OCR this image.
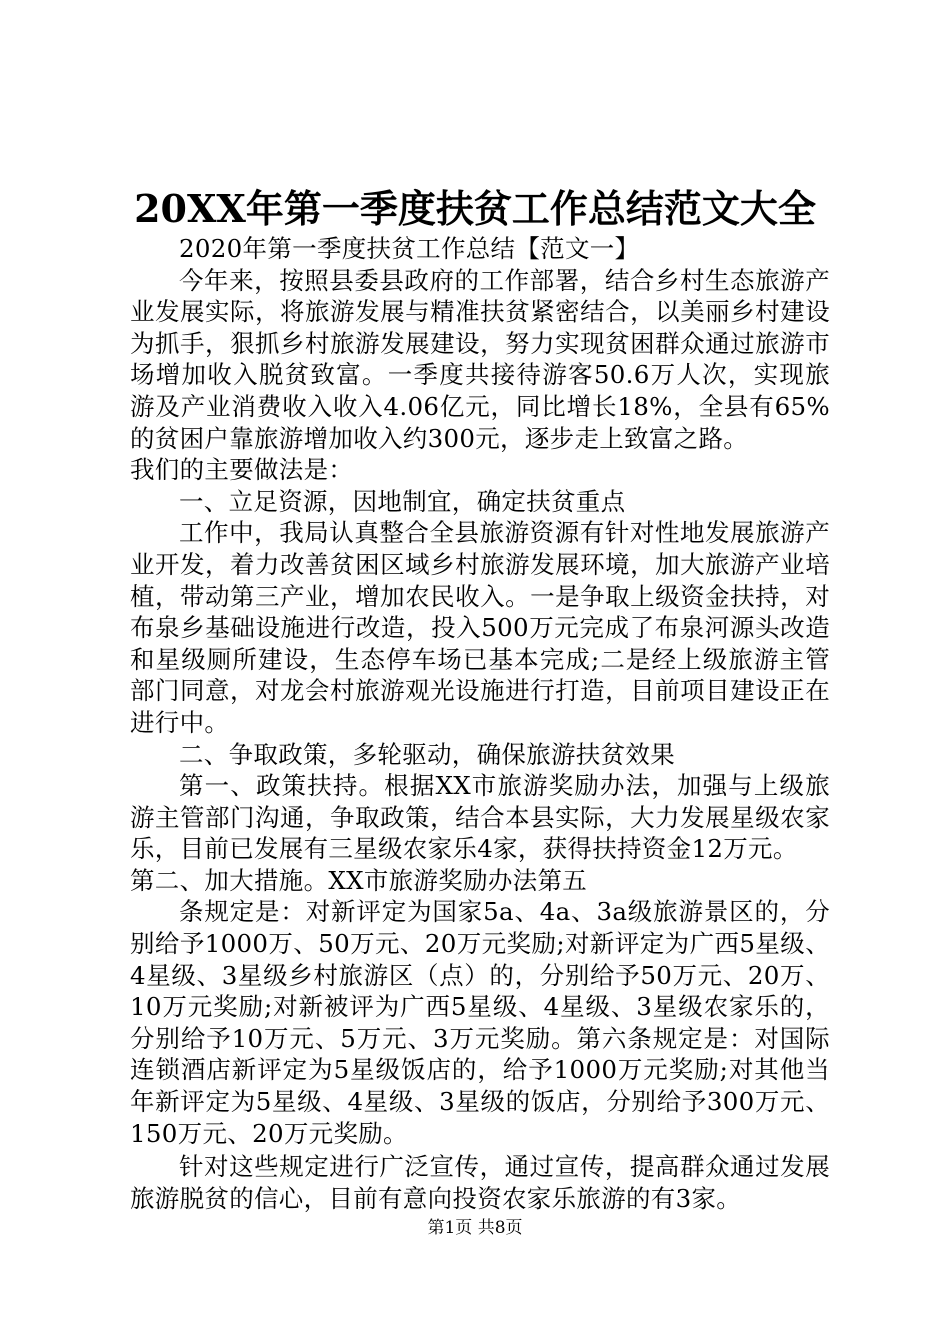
20XX年第一季度扶贫工作总结范文大全

2020年第一季度扶贫工作总结【范文一】

今年来，按照县委县政府的工作部署，结合乡村生态旅游产业发展实际，将旅游发展与精准扶贫紧密结合，以美丽乡村建设为抓手，狠抓乡村旅游发展建设，努力实现贫困群众通过旅游市场增加收入脱贫致富。一季度共接待游客50.6万人次，实现旅游及产业消费收入收入4.06亿元，同比增长18%，全县有65%的贫困户靠旅游增加收入约300元，逐步走上致富之路。

我们的主要做法是：

一、立足资源，因地制宜，确定扶贫重点

工作中，我局认真整合全县旅游资源有针对性地发展旅游产业开发，着力改善贫困区域乡村旅游发展环境，加大旅游产业培植，带动第三产业，增加农民收入。一是争取上级资金扶持，对布泉乡基础设施进行改造，投入500万元完成了布泉河源头改造和星级厕所建设，生态停车场已基本完成;二是经上级旅游主管部门同意，对龙会村旅游观光设施进行打造，目前项目建设正在进行中。

二、争取政策，多轮驱动，确保旅游扶贫效果

第一、政策扶持。根据XX市旅游奖励办法，加强与上级旅游主管部门沟通，争取政策，结合本县实际，大力发展星级农家乐，目前已发展有三星级农家乐4家，获得扶持资金12万元。

第二、加大措施。XX市旅游奖励办法第五

条规定是：对新评定为国家5a、4a、3a级旅游景区的，分别给予1000万、50万元、20万元奖励;对新评定为广西5星级、4星级、3星级乡村旅游区（点）的，分别给予50万元、20万、10万元奖励;对新被评为广西5星级、4星级、3星级农家乐的，分别给予10万元、5万元、3万元奖励。第六条规定是：对国际连锁酒店新评定为5星级饭店的，给予1000万元奖励;对其他当年新评定为5星级、4星级、3星级的饭店，分别给予300万元、150万元、20万元奖励。

针对这些规定进行广泛宣传，通过宣传，提高群众通过发展旅游脱贫的信心，目前有意向投资农家乐旅游的有3家。

第1页 共8页
